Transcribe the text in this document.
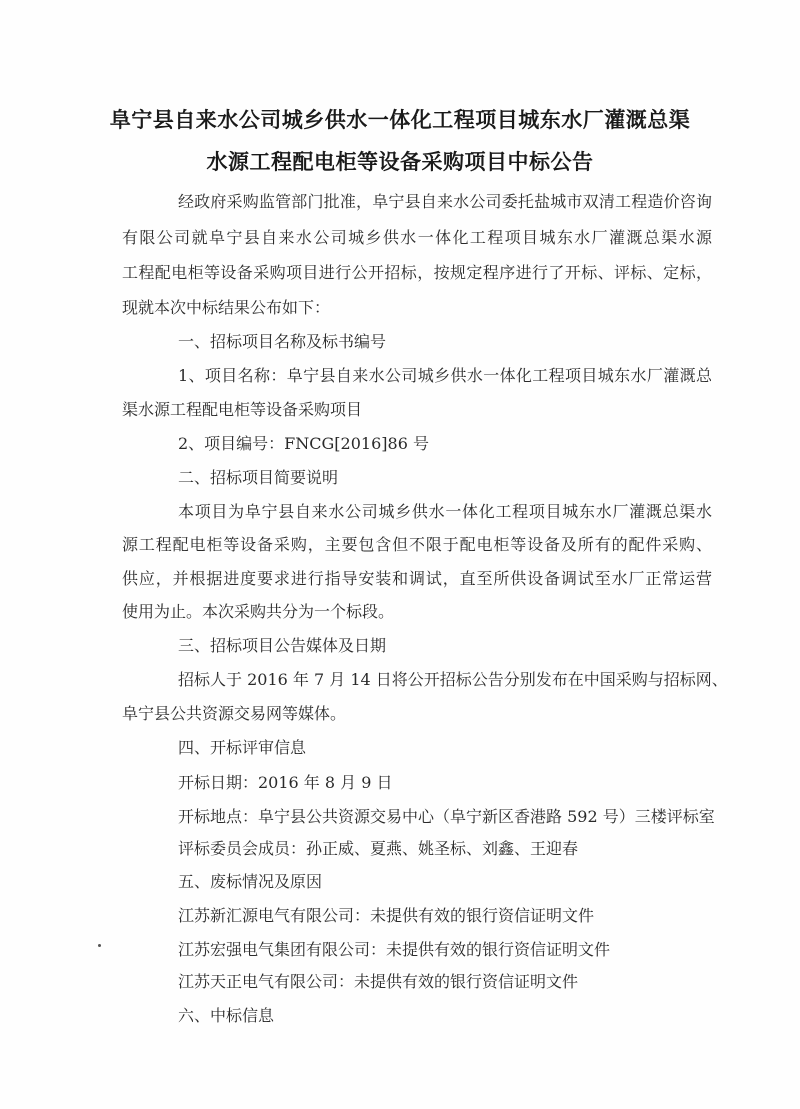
阜宁县自来水公司城乡供水一体化工程项目城东水厂灌溉总渠
水源工程配电柜等设备采购项目中标公告
经政府采购监管部门批准，阜宁县自来水公司委托盐城市双清工程造价咨询
有限公司就阜宁县自来水公司城乡供水一体化工程项目城东水厂灌溉总渠水源
工程配电柜等设备采购项目进行公开招标，按规定程序进行了开标、评标、定标，
现就本次中标结果公布如下：
一、招标项目名称及标书编号
1、项目名称：阜宁县自来水公司城乡供水一体化工程项目城东水厂灌溉总
渠水源工程配电柜等设备采购项目
2、项目编号：FNCG[2016]86 号
二、招标项目简要说明
本项目为阜宁县自来水公司城乡供水一体化工程项目城东水厂灌溉总渠水
源工程配电柜等设备采购，主要包含但不限于配电柜等设备及所有的配件采购、
供应，并根据进度要求进行指导安装和调试，直至所供设备调试至水厂正常运营
使用为止。本次采购共分为一个标段。
三、招标项目公告媒体及日期
招标人于 2016 年 7 月 14 日将公开招标公告分别发布在中国采购与招标网、
阜宁县公共资源交易网等媒体。
四、开标评审信息
开标日期：2016 年 8 月 9 日
开标地点：阜宁县公共资源交易中心（阜宁新区香港路 592 号）三楼评标室
评标委员会成员：孙正威、夏燕、姚圣标、刘鑫、王迎春
五、废标情况及原因
江苏新汇源电气有限公司：未提供有效的银行资信证明文件
江苏宏强电气集团有限公司：未提供有效的银行资信证明文件
江苏天正电气有限公司：未提供有效的银行资信证明文件
六、中标信息
